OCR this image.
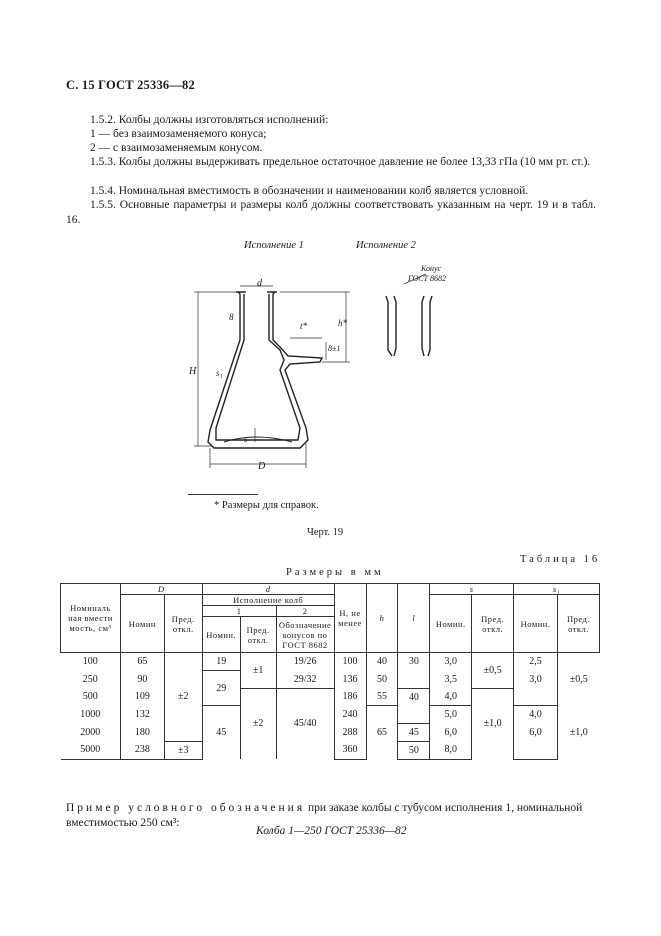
С. 15 ГОСТ 25336—82
1.5.2. Колбы должны изготовляться исполнений:
1 — без взаимозаменяемого конуса;
2 — с взаимозаменяемым конусом.
1.5.3. Колбы должны выдерживать предельное остаточное давление не более 13,33 гПа (10 мм рт. ст.).
1.5.4. Номинальная вместимость в обозначении и наименовании колб является условной.
1.5.5. Основные параметры и размеры колб должны соответствовать указанным на черт. 19 и в табл. 16.
Исполнение 1	Исполнение 2
d
h*
t*
H
D
s
s₁
8
8±1
Конус
ГОСТ 8682
* Размеры для справок.
Черт. 19
Таблица 16
Размеры в мм
Номиналь ная вмести мость, см³	D		d			H, не менее	h	l	s		s₁	
	Номин	Пред. откл.	Исполнение колб						Номин.	Пред. откл.	Номин.	Пред. откл.
			1		2							
			Номин.	Пред. откл.	Обозначение конусов по ГОСТ 8682							
100	65	±2	19	±1	19/26	100	40	30	3,0	±0,5	2,5	±0,5
250	90		29		29/32	136	50		3,5		3,0	
500	109			±2	45/40	186	55	40	4,0	±1,0		
1000	132		45			240	65		5,0		4,0	±1,0
2000	180					288		45	6,0		6,0	
5000	238	±3				360		50	8,0			
Пример условного обозначения при заказе колбы с тубусом исполнения 1, номинальной вместимостью 250 см³:
Колба 1—250 ГОСТ 25336—82
